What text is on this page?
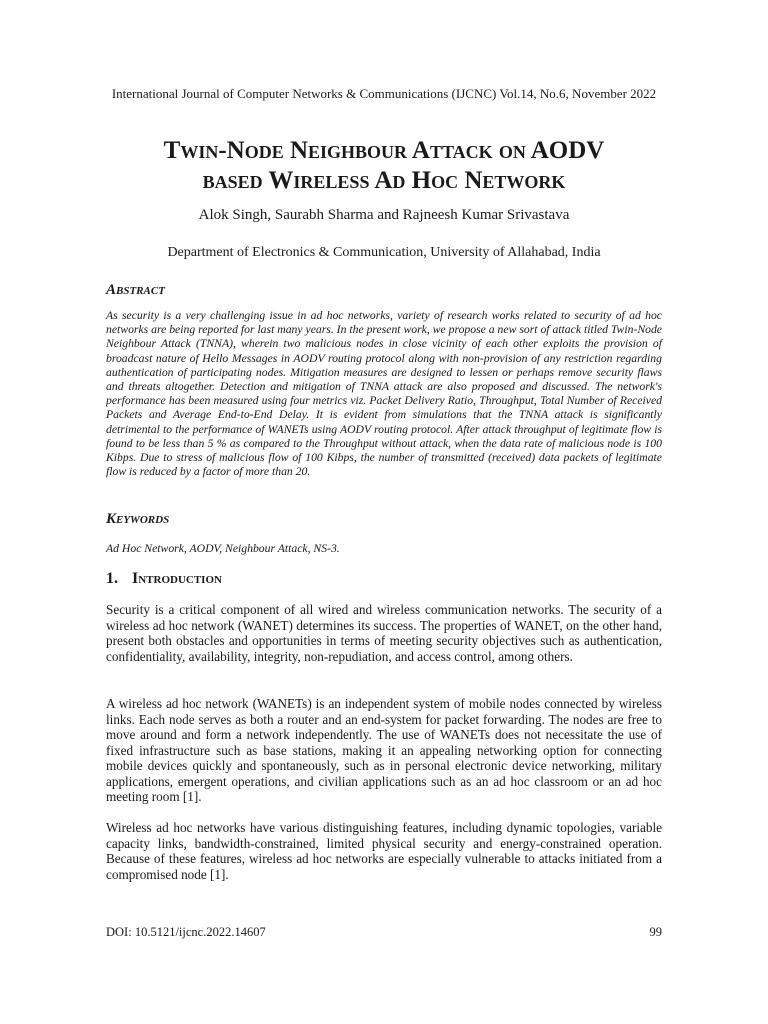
International Journal of Computer Networks & Communications (IJCNC) Vol.14, No.6, November 2022
Twin-Node Neighbour Attack on AODV
based Wireless Ad Hoc Network
Alok Singh, Saurabh Sharma and Rajneesh Kumar Srivastava
Department of Electronics & Communication, University of Allahabad, India
Abstract
As security is a very challenging issue in ad hoc networks, variety of research works related to security of ad hoc networks are being reported for last many years. In the present work, we propose a new sort of attack titled Twin-Node Neighbour Attack (TNNA), wherein two malicious nodes in close vicinity of each other exploits the provision of broadcast nature of Hello Messages in AODV routing protocol along with non-provision of any restriction regarding authentication of participating nodes. Mitigation measures are designed to lessen or perhaps remove security flaws and threats altogether. Detection and mitigation of TNNA attack are also proposed and discussed. The network's performance has been measured using four metrics viz. Packet Delivery Ratio, Throughput, Total Number of Received Packets and Average End-to-End Delay. It is evident from simulations that the TNNA attack is significantly detrimental to the performance of WANETs using AODV routing protocol. After attack throughput of legitimate flow is found to be less than 5 % as compared to the Throughput without attack, when the data rate of malicious node is 100 Kibps. Due to stress of malicious flow of 100 Kibps, the number of transmitted (received) data packets of legitimate flow is reduced by a factor of more than 20.
Keywords
Ad Hoc Network, AODV, Neighbour Attack, NS-3.
1. Introduction

Security is a critical component of all wired and wireless communication networks. The security of a wireless ad hoc network (WANET) determines its success. The properties of WANET, on the other hand, present both obstacles and opportunities in terms of meeting security objectives such as authentication, confidentiality, availability, integrity, non-repudiation, and access control, among others.

A wireless ad hoc network (WANETs) is an independent system of mobile nodes connected by wireless links. Each node serves as both a router and an end-system for packet forwarding. The nodes are free to move around and form a network independently. The use of WANETs does not necessitate the use of fixed infrastructure such as base stations, making it an appealing networking option for connecting mobile devices quickly and spontaneously, such as in personal electronic device networking, military applications, emergent operations, and civilian applications such as an ad hoc classroom or an ad hoc meeting room [1].

Wireless ad hoc networks have various distinguishing features, including dynamic topologies, variable capacity links, bandwidth-constrained, limited physical security and energy-constrained operation. Because of these features, wireless ad hoc networks are especially vulnerable to attacks initiated from a compromised node [1].

DOI: 10.5121/ijcnc.2022.14607	99
